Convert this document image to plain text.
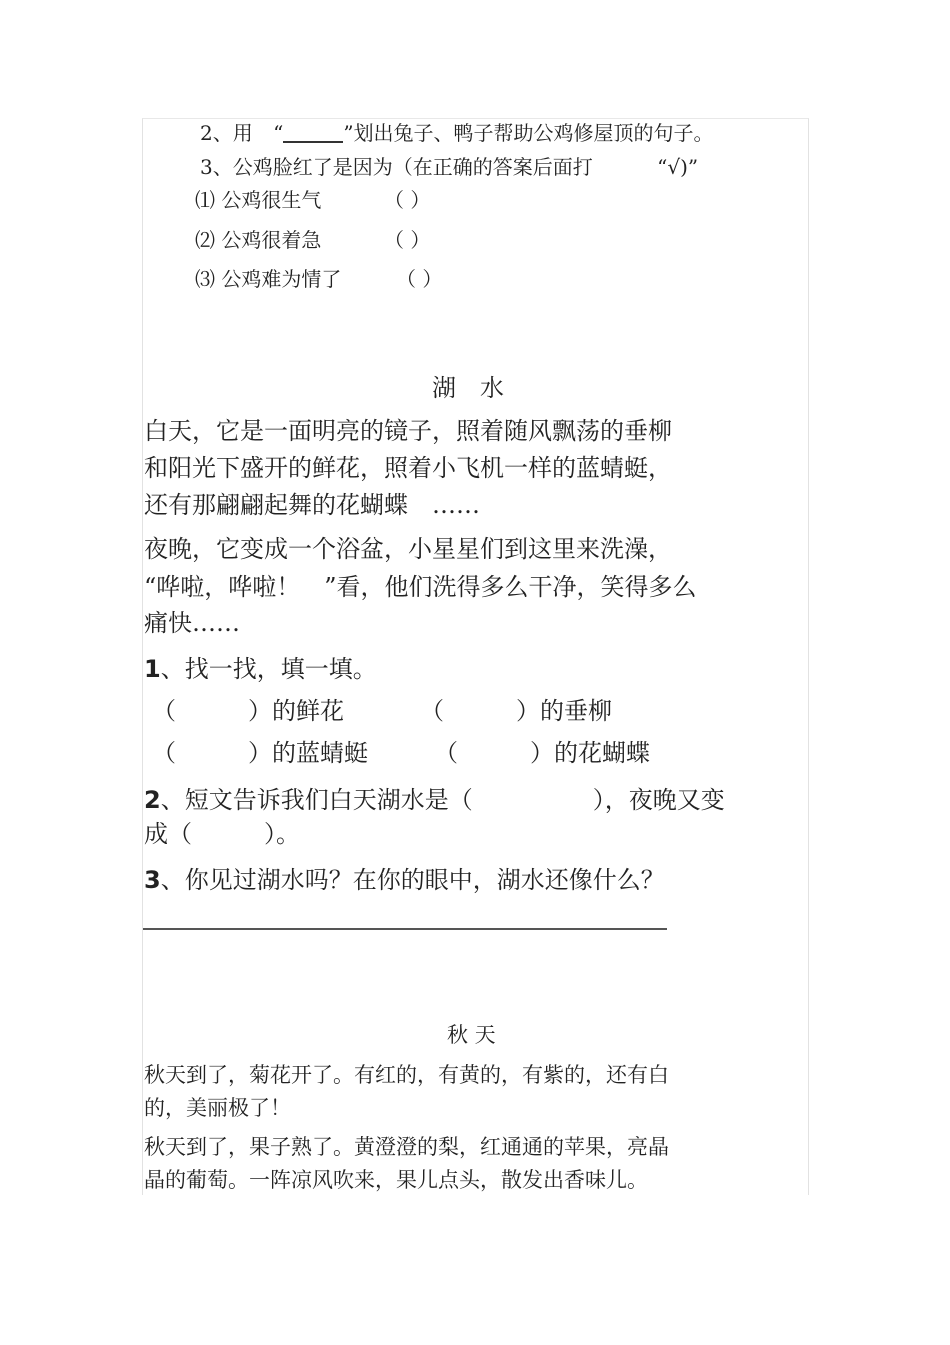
2、用 “	”划出兔子、鸭子帮助公鸡修屋顶的句子。
3、公鸡脸红了是因为（在正确的答案后面打	“√)”
⑴ 公鸡很生气	（ ）
⑵ 公鸡很着急	（ ）
⑶ 公鸡难为情了	（ ）
湖　水
白天，它是一面明亮的镜子，照着随风飘荡的垂柳
和阳光下盛开的鲜花，照着小飞机一样的蓝蜻蜓，
还有那翩翩起舞的花蝴蝶　……
夜晚，它变成一个浴盆，小星星们到这里来洗澡，
“哗啦，哗啦！　”看，他们洗得多么干净，笑得多么
痛快……
1、找一找，填一填。
（　　　）的鲜花	（　　　）的垂柳
（　　　）的蓝蜻蜓	（　　　）的花蝴蝶
2、短文告诉我们白天湖水是（　　　　　），夜晚又变
成（　　　）。
3、你见过湖水吗？在你的眼中，湖水还像什么？
秋 天
秋天到了，菊花开了。有红的，有黄的，有紫的，还有白
的，美丽极了！
秋天到了，果子熟了。黄澄澄的梨，红通通的苹果，亮晶
晶的葡萄。一阵凉风吹来，果儿点头，散发出香味儿。
